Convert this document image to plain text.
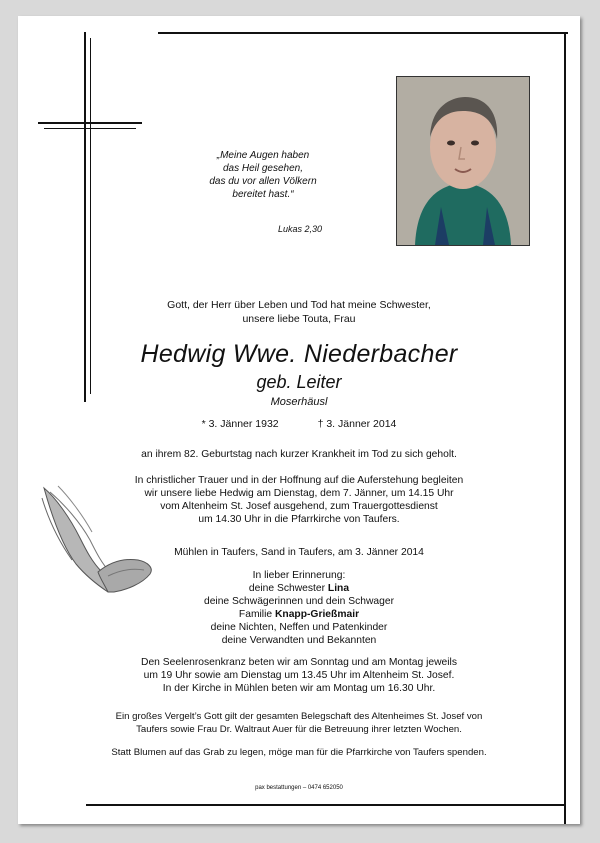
„Meine Augen haben
das Heil gesehen,
das du vor allen Völkern
bereitet hast.“
Lukas 2,30
Gott, der Herr über Leben und Tod hat meine Schwester,
unsere liebe Touta, Frau
Hedwig Wwe. Niederbacher
geb. Leiter
Moserhäusl
* 3. Jänner 1932	† 3. Jänner 2014
an ihrem 82. Geburtstag nach kurzer Krankheit im Tod zu sich geholt.
In christlicher Trauer und in der Hoffnung auf die Auferstehung begleiten
wir unsere liebe Hedwig am Dienstag, dem 7. Jänner, um 14.15 Uhr
vom Altenheim St. Josef ausgehend, zum Trauergottesdienst
um 14.30 Uhr in die Pfarrkirche von Taufers.
Mühlen in Taufers, Sand in Taufers, am 3. Jänner 2014
In lieber Erinnerung:
deine Schwester Lina
deine Schwägerinnen und dein Schwager
Familie Knapp-Grießmair
deine Nichten, Neffen und Patenkinder
deine Verwandten und Bekannten
Den Seelenrosenkranz beten wir am Sonntag und am Montag jeweils
um 19 Uhr sowie am Dienstag um 13.45 Uhr im Altenheim St. Josef.
In der Kirche in Mühlen beten wir am Montag um 16.30 Uhr.
Ein großes Vergelt’s Gott gilt der gesamten Belegschaft des Altenheimes St. Josef von
Taufers sowie Frau Dr. Waltraut Auer für die Betreuung ihrer letzten Wochen.
Statt Blumen auf das Grab zu legen, möge man für die Pfarrkirche von Taufers spenden.
pax bestattungen – 0474 652050
